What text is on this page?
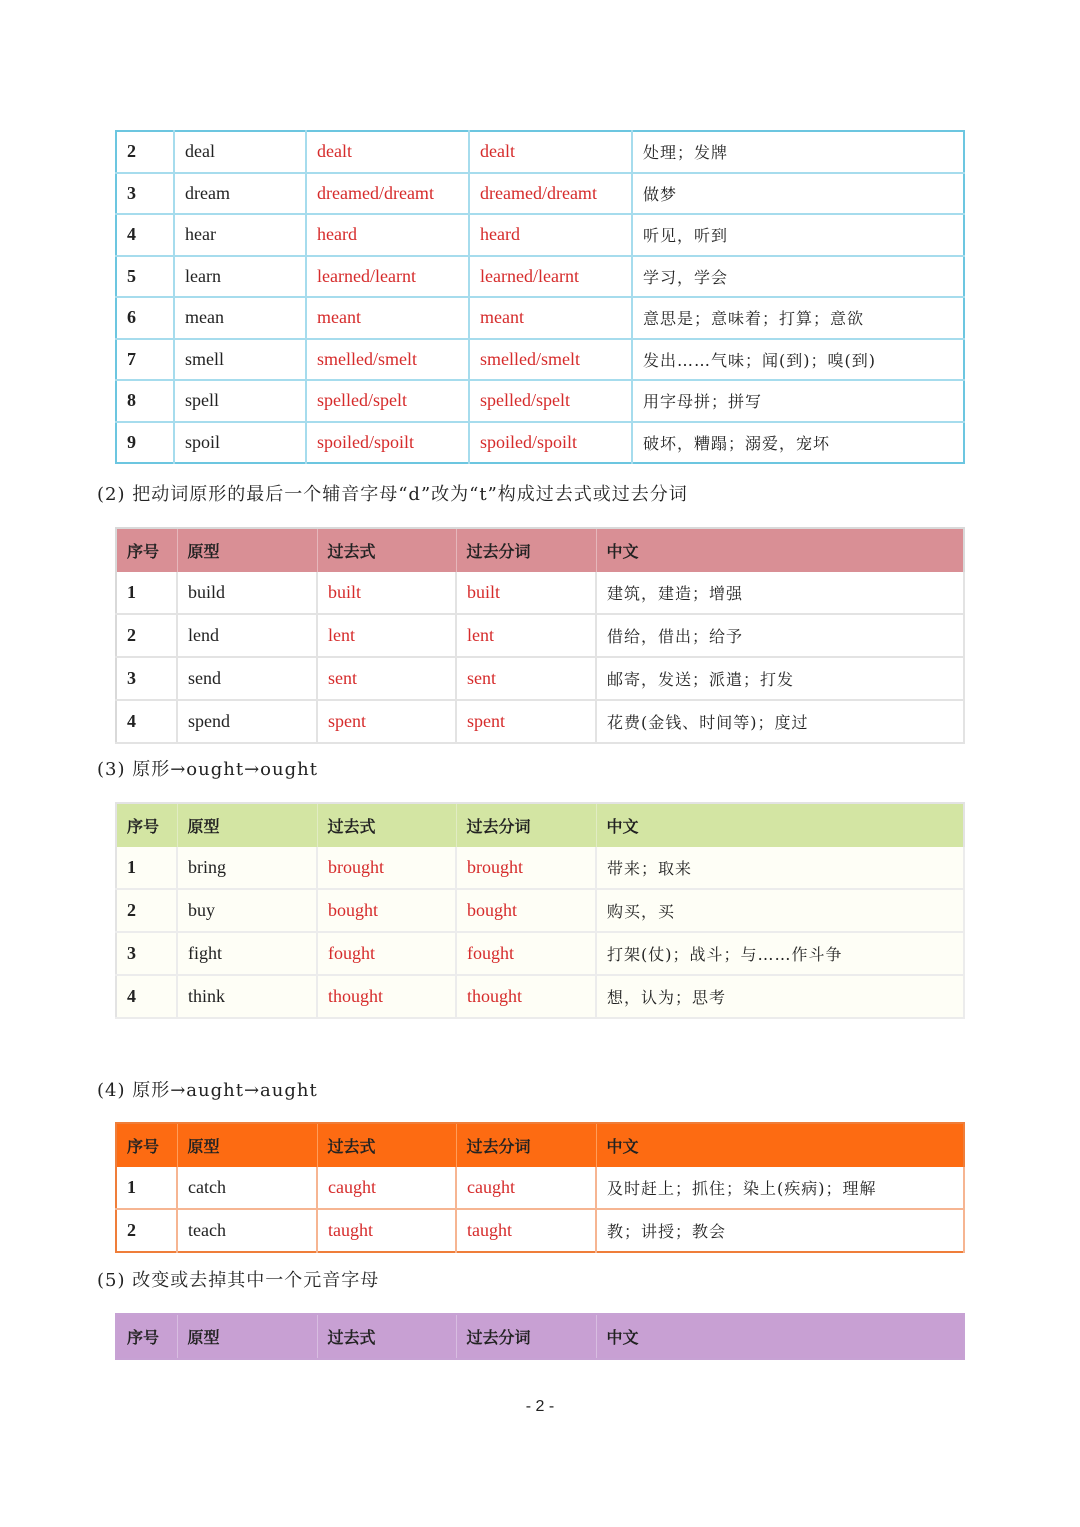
2	deal	dealt	dealt	处理；发牌
3	dream	dreamed/dreamt	dreamed/dreamt	做梦
4	hear	heard	heard	听见，听到
5	learn	learned/learnt	learned/learnt	学习，学会
6	mean	meant	meant	意思是；意味着；打算；意欲
7	smell	smelled/smelt	smelled/smelt	发出……气味；闻(到)；嗅(到)
8	spell	spelled/spelt	spelled/spelt	用字母拼；拼写
9	spoil	spoiled/spoilt	spoiled/spoilt	破坏，糟蹋；溺爱，宠坏

(2) 把动词原形的最后一个辅音字母“d”改为“t”构成过去式或过去分词

序号	原型	过去式	过去分词	中文
1	build	built	built	建筑，建造；增强
2	lend	lent	lent	借给，借出；给予
3	send	sent	sent	邮寄，发送；派遣；打发
4	spend	spent	spent	花费(金钱、时间等)；度过

(3) 原形→ought→ought

序号	原型	过去式	过去分词	中文
1	bring	brought	brought	带来；取来
2	buy	bought	bought	购买，买
3	fight	fought	fought	打架(仗)；战斗；与……作斗争
4	think	thought	thought	想，认为；思考

(4) 原形→aught→aught

序号	原型	过去式	过去分词	中文
1	catch	caught	caught	及时赶上；抓住；染上(疾病)；理解
2	teach	taught	taught	教；讲授；教会

(5) 改变或去掉其中一个元音字母

序号	原型	过去式	过去分词	中文
- 2 -
